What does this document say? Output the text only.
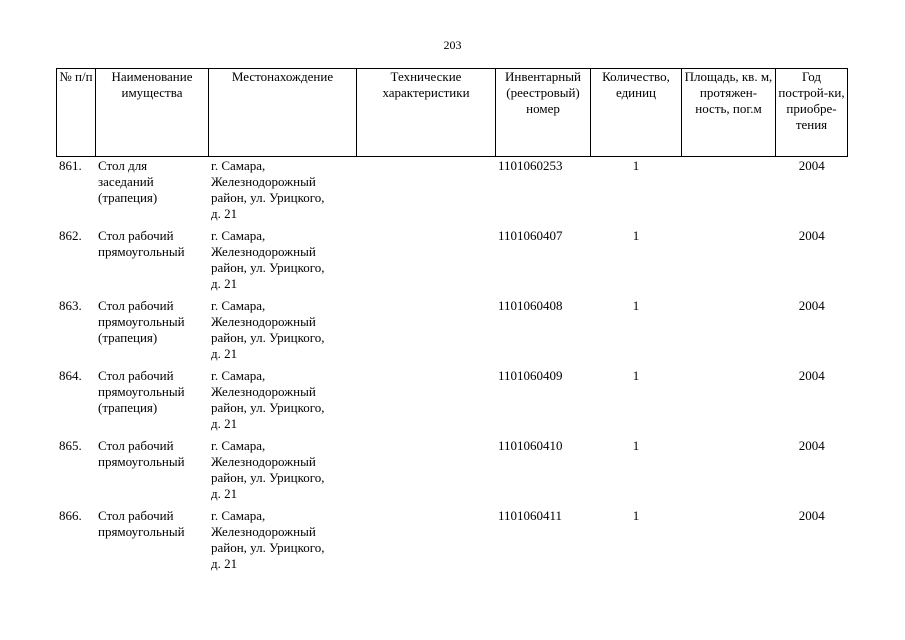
203
№ п/п	Наименование имущества	Местонахождение	Технические характеристики	Инвентарный (реестровый) номер	Количество, единиц	Площадь, кв. м, протяжен-ность, пог.м	Год построй-ки, приобре-тения

861.	Стол для
заседаний
(трапеция)	г. Самара,
Железнодорожный
район, ул. Урицкого,
д. 21		1101060253	1		2004

862.	Стол рабочий
прямоугольный	г. Самара,
Железнодорожный
район, ул. Урицкого,
д. 21		1101060407	1		2004

863.	Стол рабочий
прямоугольный
(трапеция)	г. Самара,
Железнодорожный
район, ул. Урицкого,
д. 21		1101060408	1		2004

864.	Стол рабочий
прямоугольный
(трапеция)	г. Самара,
Железнодорожный
район, ул. Урицкого,
д. 21		1101060409	1		2004

865.	Стол рабочий
прямоугольный	г. Самара,
Железнодорожный
район, ул. Урицкого,
д. 21		1101060410	1		2004

866.	Стол рабочий
прямоугольный	г. Самара,
Железнодорожный
район, ул. Урицкого,
д. 21		1101060411	1		2004
